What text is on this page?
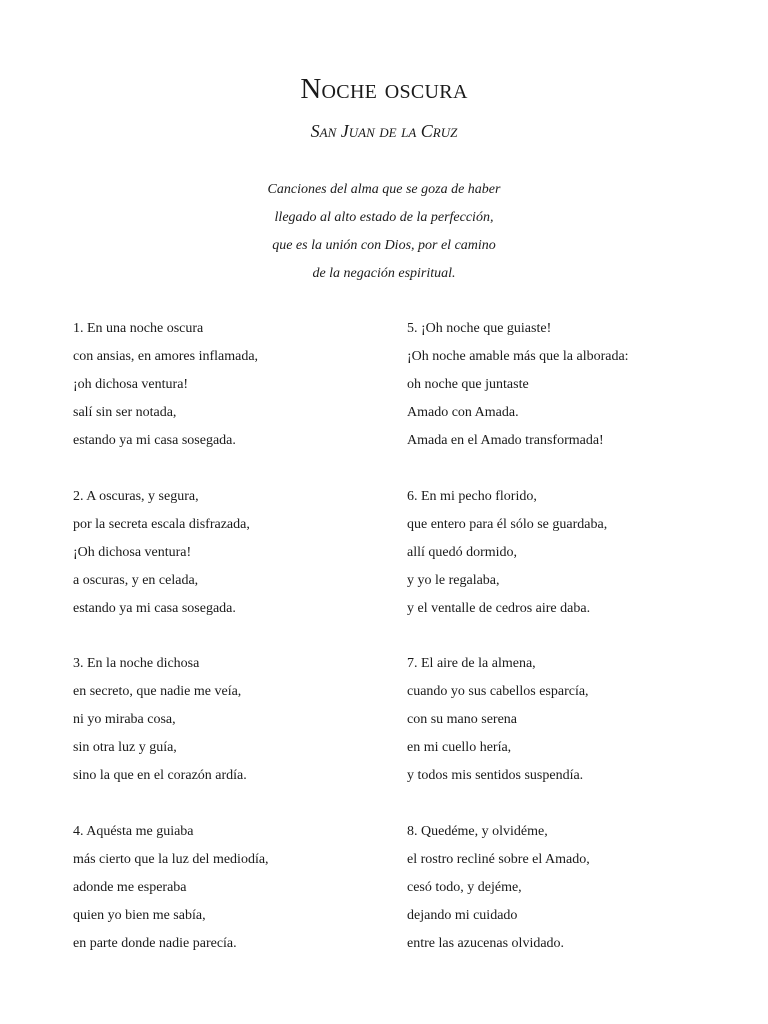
Noche oscura
San Juan de la Cruz
Canciones del alma que se goza de haber
llegado al alto estado de la perfección,
que es la unión con Dios, por el camino
de la negación espiritual.
1. En una noche oscura
con ansias, en amores inflamada,
¡oh dichosa ventura!
salí sin ser notada,
estando ya mi casa sosegada.
2. A oscuras, y segura,
por la secreta escala disfrazada,
¡Oh dichosa ventura!
a oscuras, y en celada,
estando ya mi casa sosegada.
3. En la noche dichosa
en secreto, que nadie me veía,
ni yo miraba cosa,
sin otra luz y guía,
sino la que en el corazón ardía.
4. Aquésta me guiaba
más cierto que la luz del mediodía,
adonde me esperaba
quien yo bien me sabía,
en parte donde nadie parecía.
5. ¡Oh noche que guiaste!
¡Oh noche amable más que la alborada:
oh noche que juntaste
Amado con Amada.
Amada en el Amado transformada!
6. En mi pecho florido,
que entero para él sólo se guardaba,
allí quedó dormido,
y yo le regalaba,
y el ventalle de cedros aire daba.
7. El aire de la almena,
cuando yo sus cabellos esparcía,
con su mano serena
en mi cuello hería,
y todos mis sentidos suspendía.
8. Quedéme, y olvidéme,
el rostro recliné sobre el Amado,
cesó todo, y dejéme,
dejando mi cuidado
entre las azucenas olvidado.
